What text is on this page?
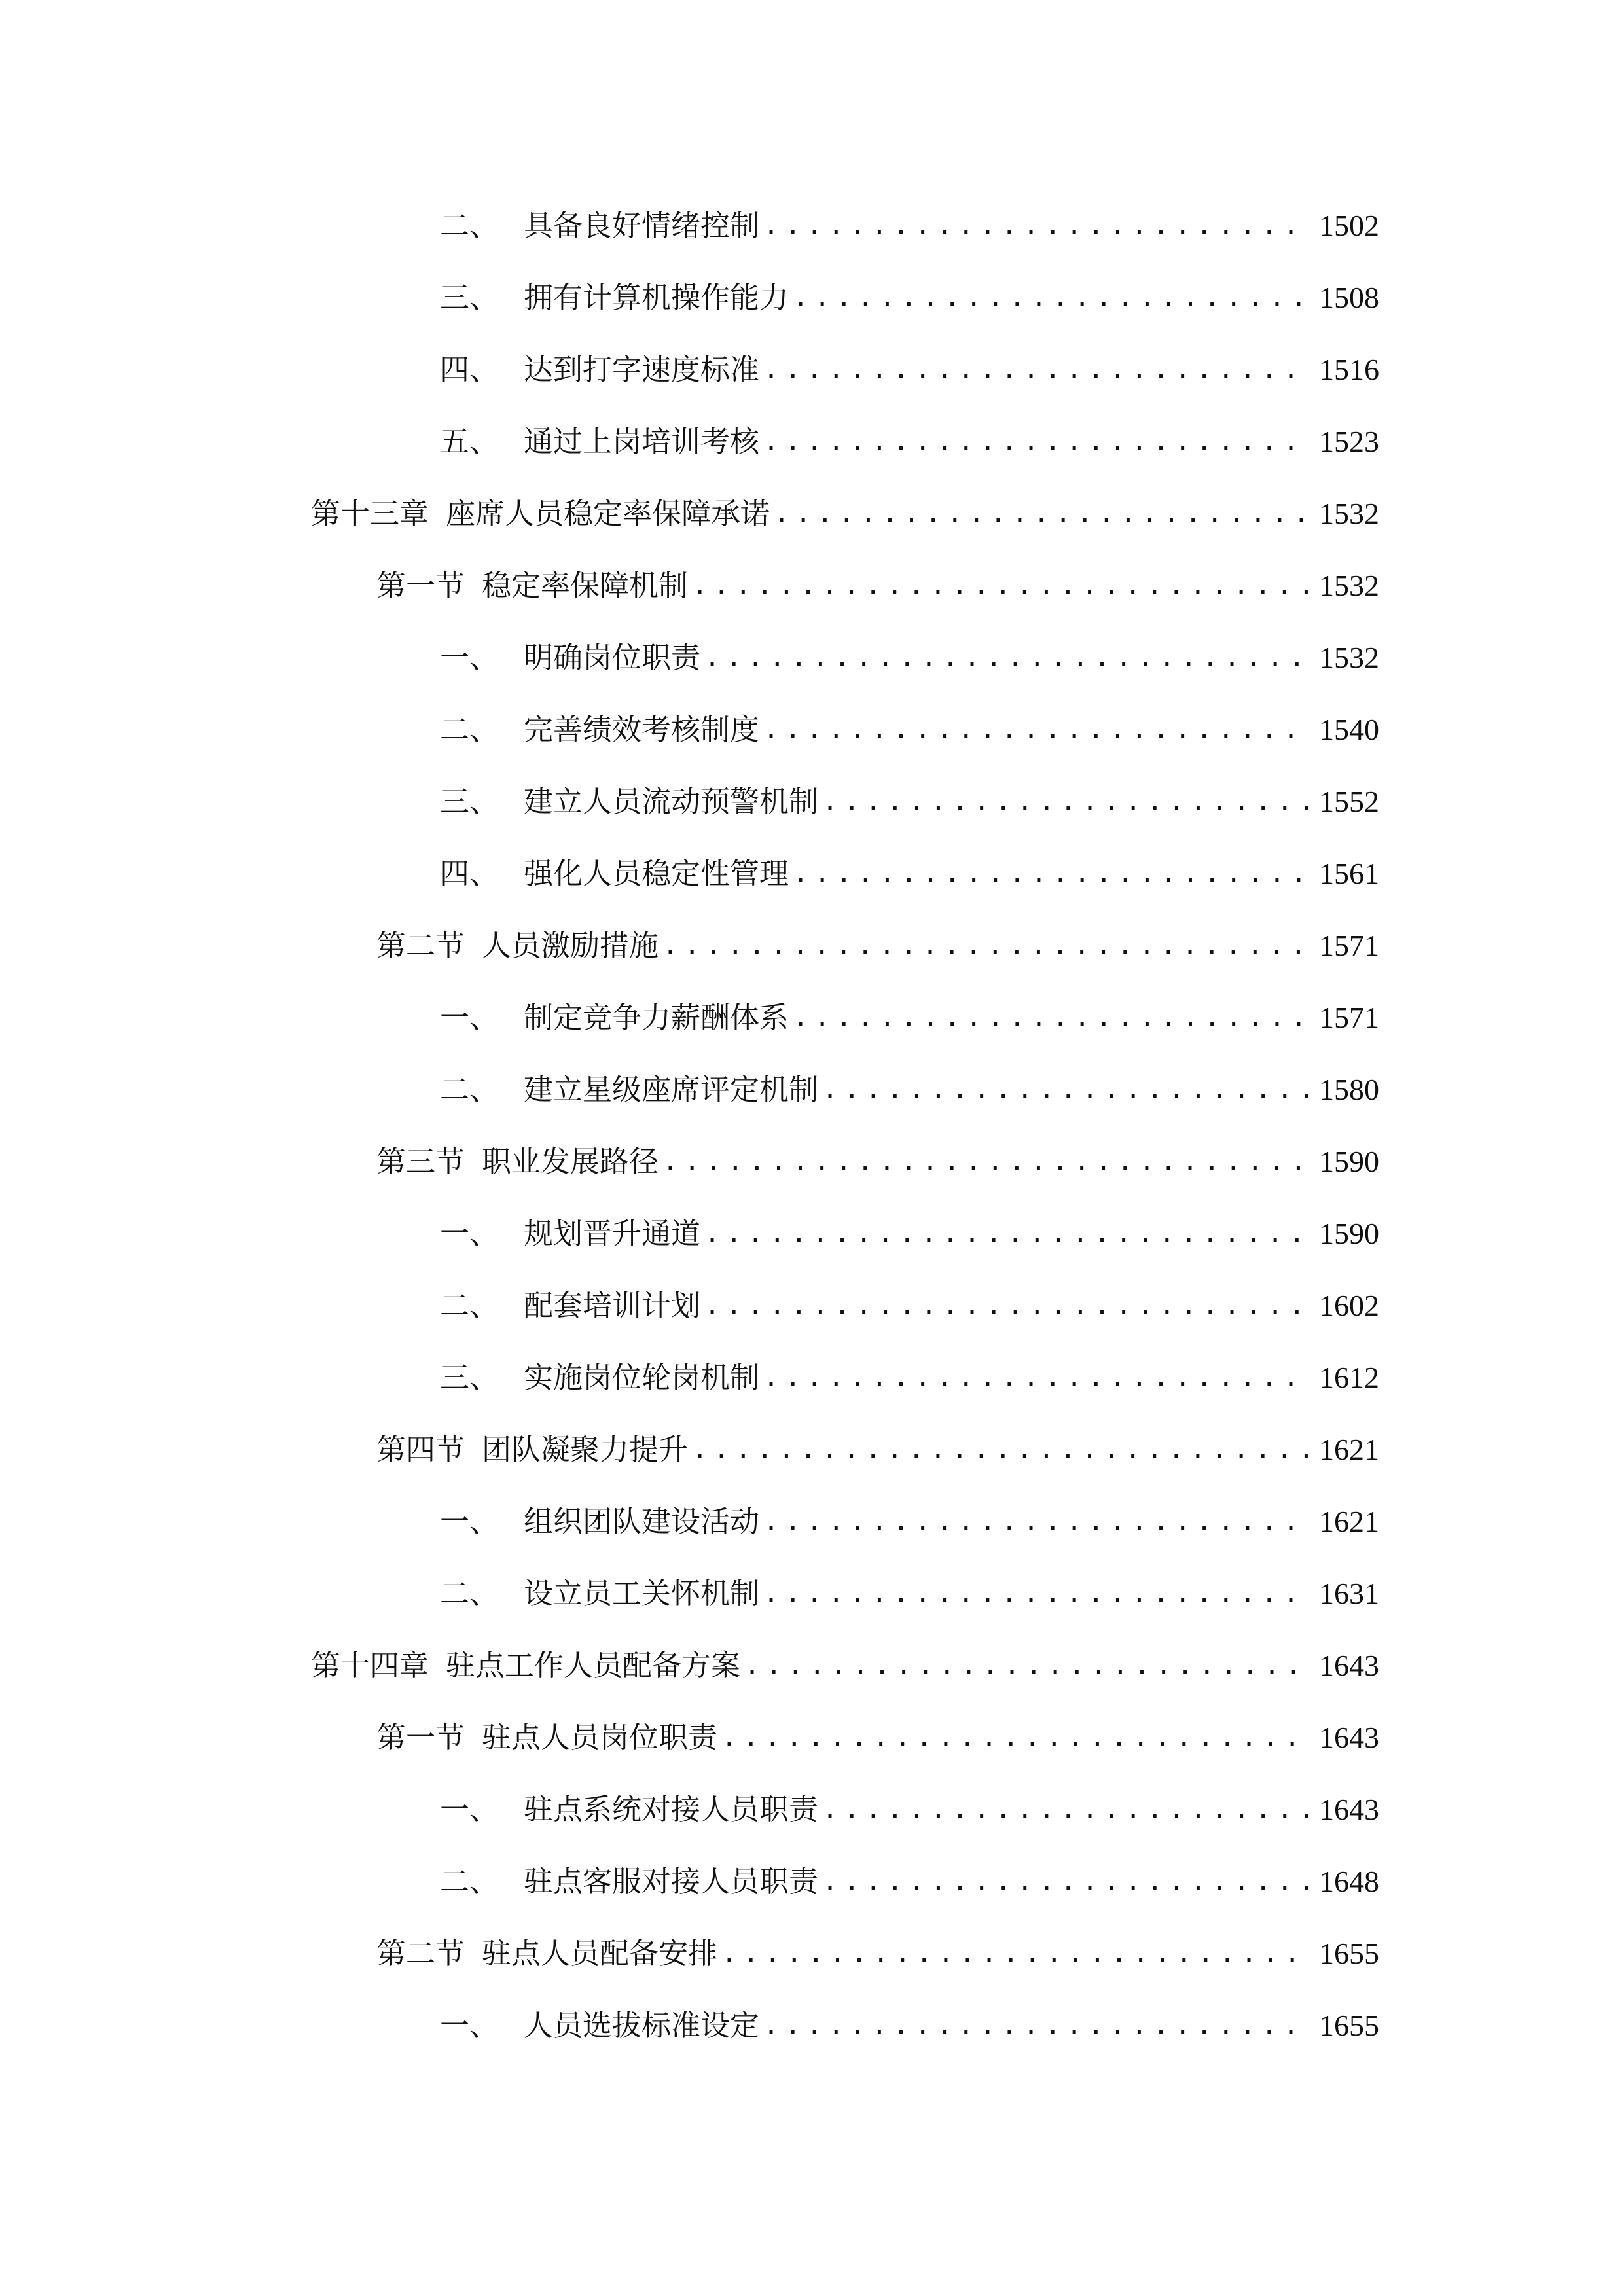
二、 具备良好情绪控制 .....	1502
三、 拥有计算机操作能力 .....	1508
四、 达到打字速度标准 .....	1516
五、 通过上岗培训考核 .....	1523
第十三章 座席人员稳定率保障承诺 .....	1532
第一节 稳定率保障机制 .....	1532
一、 明确岗位职责 .....	1532
二、 完善绩效考核制度 .....	1540
三、 建立人员流动预警机制 .....	1552
四、 强化人员稳定性管理 .....	1561
第二节 人员激励措施 .....	1571
一、 制定竞争力薪酬体系 .....	1571
二、 建立星级座席评定机制 .....	1580
第三节 职业发展路径 .....	1590
一、 规划晋升通道 .....	1590
二、 配套培训计划 .....	1602
三、 实施岗位轮岗机制 .....	1612
第四节 团队凝聚力提升 .....	1621
一、 组织团队建设活动 .....	1621
二、 设立员工关怀机制 .....	1631
第十四章 驻点工作人员配备方案 .....	1643
第一节 驻点人员岗位职责 .....	1643
一、 驻点系统对接人员职责 .....	1643
二、 驻点客服对接人员职责 .....	1648
第二节 驻点人员配备安排 .....	1655
一、 人员选拔标准设定 .....	1655
